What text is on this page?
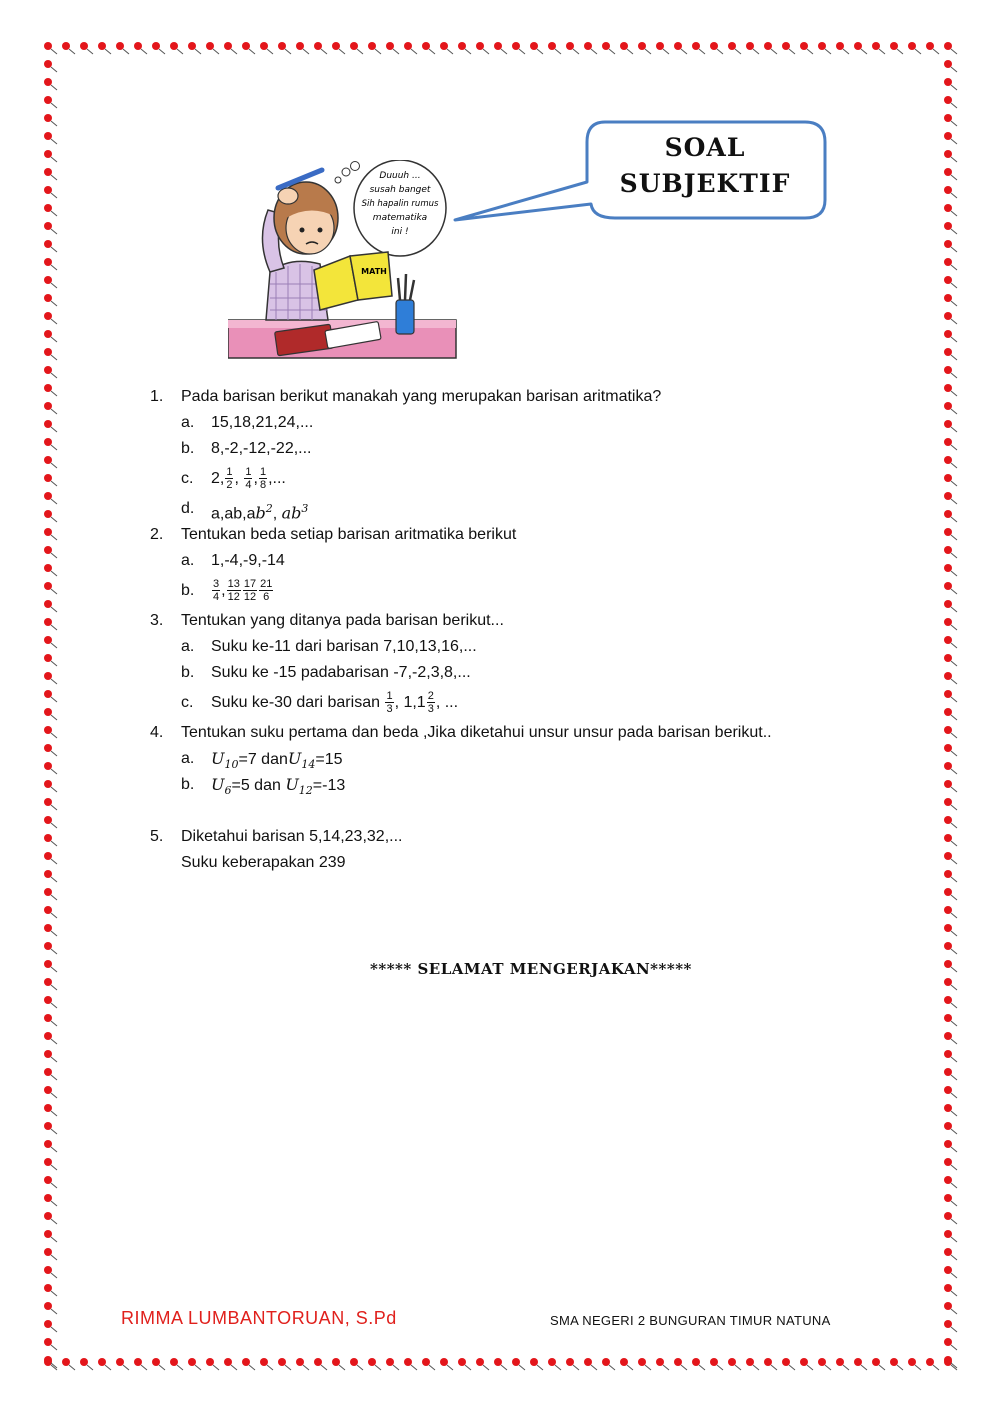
Duuuh ...
susah banget
Sih hapalin rumus
matematika
ini !
MATH
SOAL
SUBJEKTIF
1. Pada barisan berikut manakah yang merupakan barisan aritmatika?
a. 15,18,21,24,...
b. 8,-2,-12,-22,...
c. 2, $\frac{1}{2}$ , $\frac{1}{4}$ , $\frac{1}{8}$ ,...
d. $a,ab,ab^2$, $ab^3$
2. Tentukan beda setiap barisan aritmatika berikut
a. 1,-4,-9,-14
b. $\frac{3}{4}$ , $\frac{13}{12} \frac{17}{12} \frac{21}{6}$
3. Tentukan yang ditanya pada barisan berikut...
a. Suku ke-11 dari barisan 7,10,13,16,...
b. Suku ke -15 padabarisan -7,-2,3,8,...
c. Suku ke-30 dari barisan $\frac{1}{3}$ , $1,1 \frac{2}{3}$ , ...
4. Tentukan suku pertama dan beda ,Jika diketahui unsur unsur pada barisan berikut..
a. $U_{10}=7$ danU$_{14}$=15
b. $U_6=5$ dan $U_{12}=-13$
5. Diketahui barisan 5,14,23,32,...
Suku keberapakan 239
***** SELAMAT MENGERJAKAN*****
RIMMA LUMBANTORUAN, S.Pd	SMA NEGERI 2 BUNGURAN TIMUR NATUNA
